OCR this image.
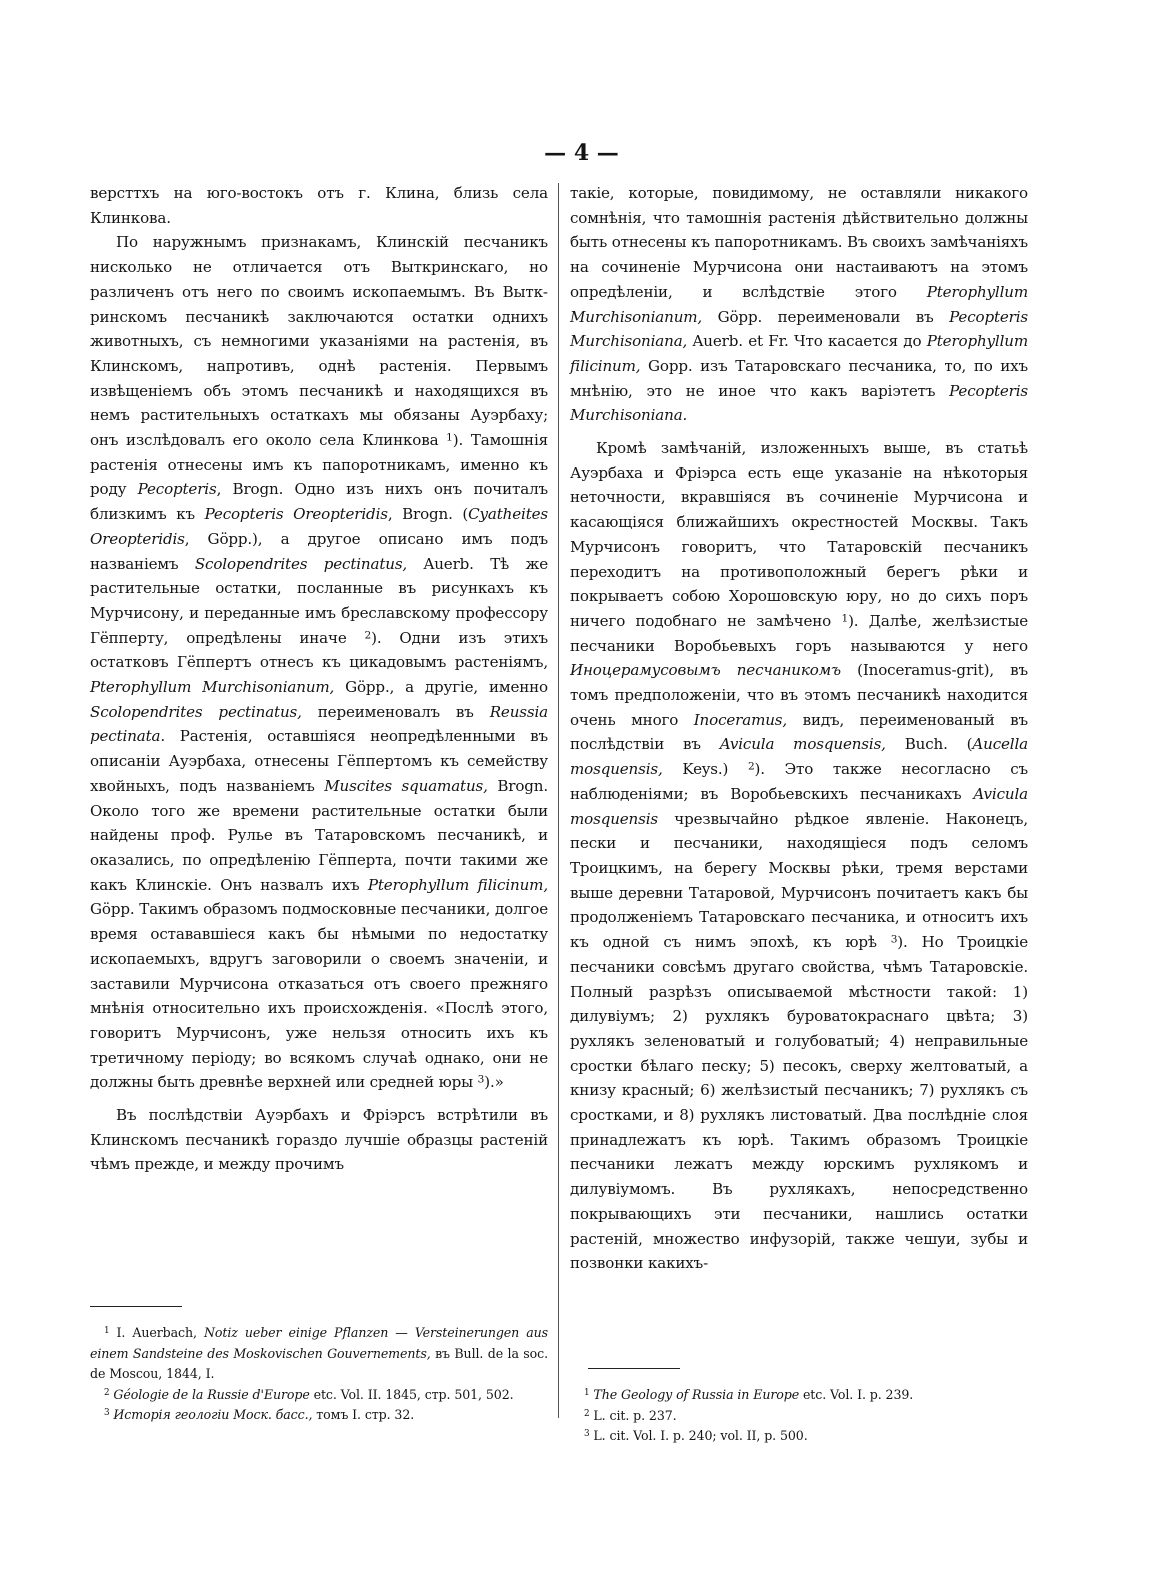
— 4 —

версттхъ на юго-востокъ отъ г. Клина, близь села Клинкова.

По наружнымъ признакамъ, Клинскій песчаникъ нисколько не отличается отъ Выткринскаго, но различенъ отъ него по своимъ ископаемымъ. Въ Выткринскомъ песчаникѣ заключаются остатки однихъ животныхъ, съ немногими указаніями на растенія, въ Клинскомъ, напротивъ, однѣ растенія. Первымъ извѣщеніемъ объ этомъ песчаникѣ и находящихся въ немъ растительныхъ остаткахъ мы обязаны Ауэрбаху; онъ изслѣдовалъ его около села Клинкова $^1$). Тамошнія растенія отнесены имъ къ папоротникамъ, именно къ роду Pecopteris, Brogn. Одно изъ нихъ онъ почиталъ близкимъ къ Pecopteris Oreopteridis, Brogn. (Cyatheites Oreopteridis, Göpp.), а другое описано имъ подъ названіемъ Scolopendrites pectinatus, Auerb. Тѣ же растительные остатки, посланные въ рисункахъ къ Мурчисону, и переданные имъ бреславскому профессору Гёпперту, опредѣлены иначе $^2$). Одни изъ этихъ остатковъ Гёппертъ отнесъ къ цикадовымъ растеніямъ, Pterophyllum Murchisonianum, Göpp., а другіе, именно Scolopendrites pectinatus, переименовалъ въ Reussia pectinata. Растенія, оставшіяся неопредѣленными въ описаніи Ауэрбаха, отнесены Гёппертомъ къ семейству хвойныхъ, подъ названіемъ Muscites squamatus, Brogn. Около того же времени растительные остатки были найдены проф. Рулье въ Татаровскомъ песчаникѣ, и оказались, по опредѣленію Гёпперта, почти такими же какъ Клинскіе. Онъ назвалъ ихъ Pterophyllum filicinum, Göpp. Такимъ образомъ подмосковные песчаники, долгое время остававшіеся какъ бы нѣмыми по недостатку ископаемыхъ, вдругъ заговорили о своемъ значеніи, и заставили Мурчисона отказаться отъ своего прежняго мнѣнія относительно ихъ происхожденія. «Послѣ этого, говоритъ Мурчисонъ, уже нельзя относить ихъ къ третичному періоду; во всякомъ случаѣ однако, они не должны быть древнѣе верхней или средней юры $^3$).»

Въ послѣдствіи Ауэрбахъ и Фріэрсъ встрѣтили въ Клинскомъ песчаникѣ гораздо лучшіе образцы растеній чѣмъ прежде, и между прочимъ

такіе, которые, повидимому, не оставляли никакого сомнѣнія, что тамошнія растенія дѣйствительно должны быть отнесены къ папоротникамъ. Въ своихъ замѣчаніяхъ на сочиненіе Мурчисона они настаиваютъ на этомъ опредѣленіи, и вслѣдствіе этого Pterophyllum Murchisonianum, Göpp. переименовали въ Pecopteris Murchisoniana, Auerb. et Fr. Что касается до Pterophyllum filicinum, Gopp. изъ Татаровскаго песчаника, то, по ихъ мнѣнію, это не иное что какъ варіэтетъ Pecopteris Murchisoniana.

Кромѣ замѣчаній, изложенныхъ выше, въ статьѣ Ауэрбаха и Фріэрса есть еще указаніе на нѣкоторыя неточности, вкравшіяся въ сочиненіе Мурчисона и касающіяся ближайшихъ окрестностей Москвы. Такъ Мурчисонъ говоритъ, что Татаровскій песчаникъ переходитъ на противоположный берегъ рѣки и покрываетъ собою Хорошовскую юру, но до сихъ поръ ничего подобнаго не замѣчено $^1$). Далѣе, желѣзистые песчаники Воробьевыхъ горъ называются у него Иноцерамусовымъ песчаникомъ (Inoceramus-grit), въ томъ предположеніи, что въ этомъ песчаникѣ находится очень много Inoceramus, видъ, переименованый въ послѣдствіи въ Avicula mosquensis, Buch. (Aucella mosquensis, Keys.) $^2$). Это также несогласно съ наблюденіями; въ Воробьевскихъ песчаникахъ Avicula mosquensis чрезвычайно рѣдкое явленіе. Наконецъ, пески и песчаники, находящіеся подъ селомъ Троицкимъ, на берегу Москвы рѣки, тремя верстами выше деревни Татаровой, Мурчисонъ почитаетъ какъ бы продолженіемъ Татаровскаго песчаника, и относитъ ихъ къ одной съ нимъ эпохѣ, къ юрѣ $^3$). Но Троицкіе песчаники совсѣмъ другаго свойства, чѣмъ Татаровскіе. Полный разрѣзъ описываемой мѣстности такой: 1) дилувіумъ; 2) рухлякъ буроватокраснаго цвѣта; 3) рухлякъ зеленоватый и голубоватый; 4) неправильные сростки бѣлаго песку; 5) песокъ, сверху желтоватый, а книзу красный; 6) желѣзистый песчаникъ; 7) рухлякъ съ сростками, и 8) рухлякъ листоватый. Два послѣдніе слоя принадлежатъ къ юрѣ. Такимъ образомъ Троицкіе песчаники лежатъ между юрскимъ рухлякомъ и дилувіумомъ. Въ рухлякахъ, непосредственно покрывающихъ эти песчаники, нашлись остатки растеній, множество инфузорій, также чешуи, зубы и позвонки какихъ-

$^1$ I. Auerbach, Notiz ueber einige Pflanzen — Versteinerungen aus einem Sandsteine des Moskovischen Gouvernements, въ Bull. de la soc. de Moscou, 1844, I.

$^2$ Géologie de la Russie d'Europe etc. Vol. II. 1845, стр. 501, 502.

$^3$ Исторія геологіи Моск. басс., томъ I. стр. 32.

$^1$ The Geology of Russia in Europe etc. Vol. I. p. 239.

$^2$ L. cit. p. 237.

$^3$ L. cit. Vol. I. p. 240; vol. II, p. 500.
